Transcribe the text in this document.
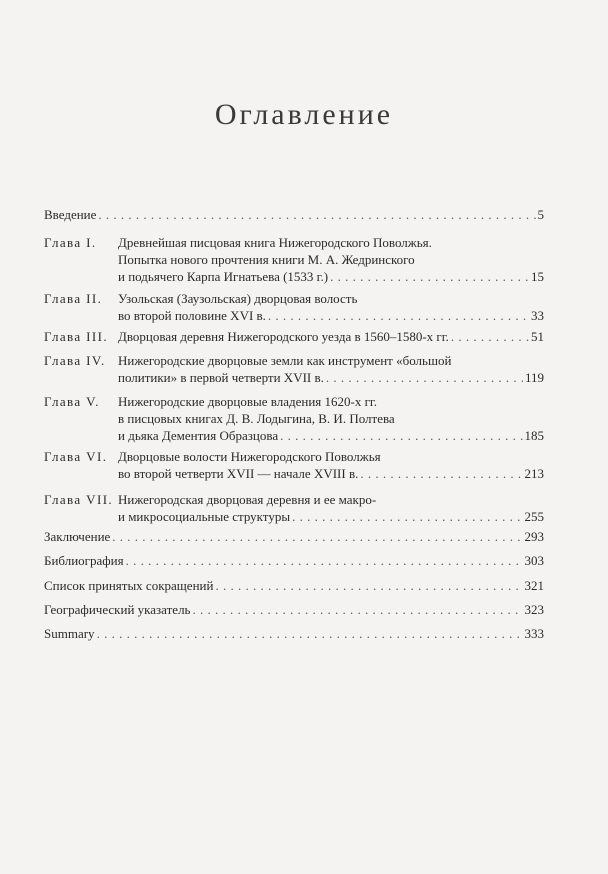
Оглавление
Введение . . .	5
Глава I.	Древнейшая писцовая книга Нижегородского Поволжья.
Попытка нового прочтения книги М. А. Жедринского
и подьячего Карпа Игнатьева (1533 г.) . . .	15
Глава II.	Узольская (Заузольская) дворцовая волость
во второй половине XVI в. . . .	33
Глава III. Дворцовая деревня Нижегородского уезда в 1560–1580-х гг. . . .	51
Глава IV. Нижегородские дворцовые земли как инструмент «большой
политики» в первой четверти XVII в. . . .	119
Глава V.	Нижегородские дворцовые владения 1620-х гг.
в писцовых книгах Д. В. Лодыгина, В. И. Полтева
и дьяка Дементия Образцова . . .	185
Глава VI. Дворцовые волости Нижегородского Поволжья
во второй четверти XVII — начале XVIII в. . . .	213
Глава VII. Нижегородская дворцовая деревня и ее макро-
и микросоциальные структуры . . .	255
Заключение . . .	293
Библиография . . .	303
Список принятых сокращений . . .	321
Географический указатель . . .	323
Summary . . .	333
